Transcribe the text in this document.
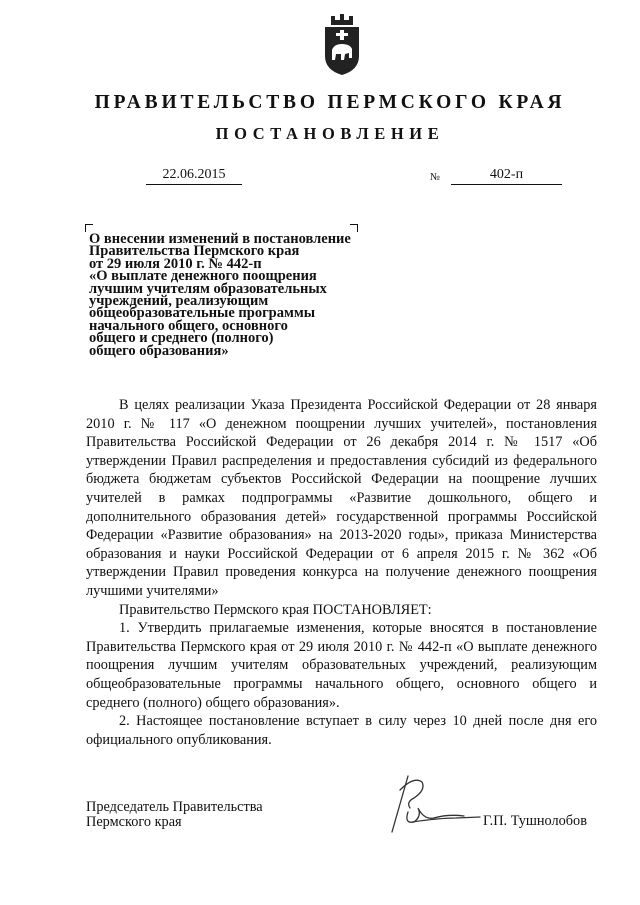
ПРАВИТЕЛЬСТВО ПЕРМСКОГО КРАЯ
ПОСТАНОВЛЕНИЕ
22.06.2015	№	402-п

О внесении изменений в постановление
Правительства Пермского края
от 29 июля 2010 г. № 442-п
«О выплате денежного поощрения
лучшим учителям образовательных
учреждений, реализующим
общеобразовательные программы
начального общего, основного
общего и среднего (полного)
общего образования»

В целях реализации Указа Президента Российской Федерации от 28 января 2010 г. № 117 «О денежном поощрении лучших учителей», постановления Правительства Российской Федерации от 26 декабря 2014 г. № 1517 «Об утверждении Правил распределения и предоставления субсидий из федерального бюджета бюджетам субъектов Российской Федерации на поощрение лучших учителей в рамках подпрограммы «Развитие дошкольного, общего и дополнительного образования детей» государственной программы Российской Федерации «Развитие образования» на 2013-2020 годы», приказа Министерства образования и науки Российской Федерации от 6 апреля 2015 г. № 362 «Об утверждении Правил проведения конкурса на получение денежного поощрения лучшими учителями»

Правительство Пермского края ПОСТАНОВЛЯЕТ:

1. Утвердить прилагаемые изменения, которые вносятся в постановление Правительства Пермского края от 29 июля 2010 г. № 442-п «О выплате денежного поощрения лучшим учителям образовательных учреждений, реализующим общеобразовательные программы начального общего, основного общего и среднего (полного) общего образования».

2. Настоящее постановление вступает в силу через 10 дней после дня его официального опубликования.

Председатель Правительства
Пермского края	Г.П. Тушнолобов
